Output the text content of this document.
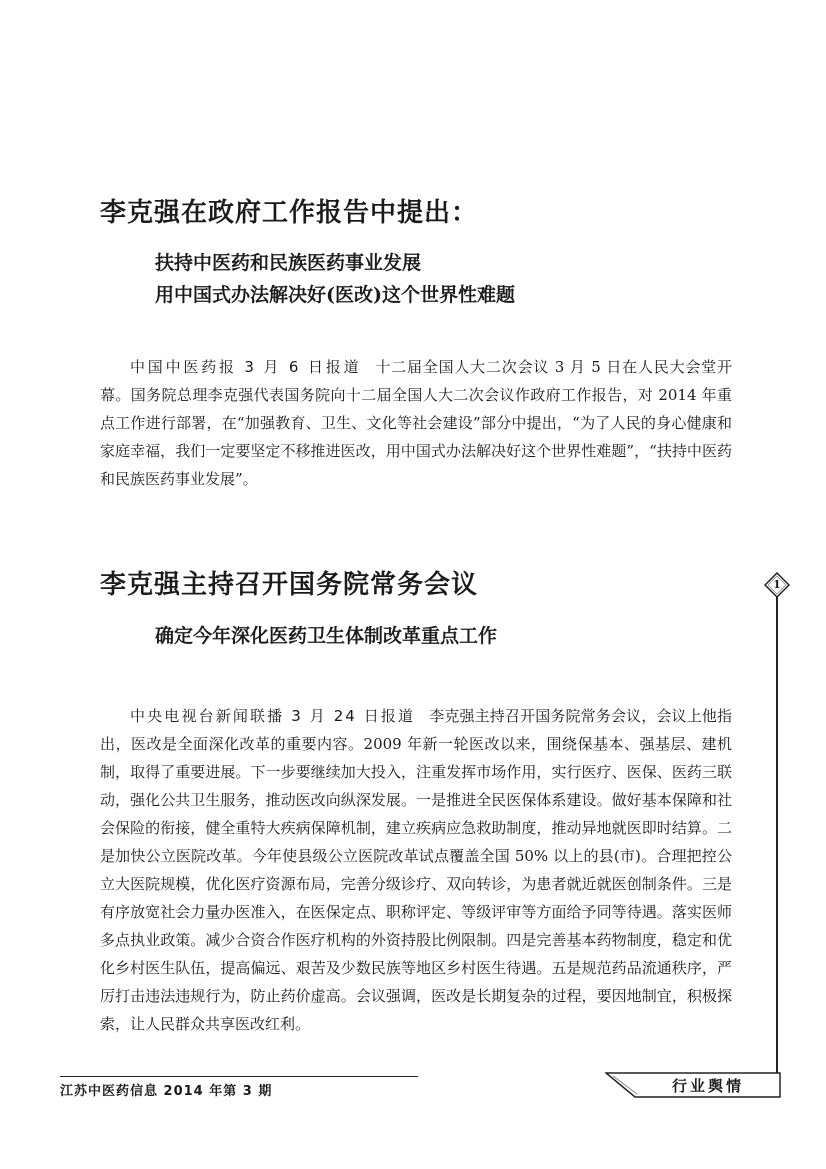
李克强在政府工作报告中提出：
扶持中医药和民族医药事业发展
用中国式办法解决好(医改)这个世界性难题

中国中医药报 3 月 6 日报道 十二届全国人大二次会议 3 月 5 日在人民大会堂开幕。国务院总理李克强代表国务院向十二届全国人大二次会议作政府工作报告，对 2014 年重点工作进行部署，在“加强教育、卫生、文化等社会建设”部分中提出，“为了人民的身心健康和家庭幸福，我们一定要坚定不移推进医改，用中国式办法解决好这个世界性难题”，“扶持中医药和民族医药事业发展”。

李克强主持召开国务院常务会议
确定今年深化医药卫生体制改革重点工作

中央电视台新闻联播 3 月 24 日报道 李克强主持召开国务院常务会议，会议上他指出，医改是全面深化改革的重要内容。2009 年新一轮医改以来，围绕保基本、强基层、建机制，取得了重要进展。下一步要继续加大投入，注重发挥市场作用，实行医疗、医保、医药三联动，强化公共卫生服务，推动医改向纵深发展。一是推进全民医保体系建设。做好基本保障和社会保险的衔接，健全重特大疾病保障机制，建立疾病应急救助制度，推动异地就医即时结算。二是加快公立医院改革。今年使县级公立医院改革试点覆盖全国 50% 以上的县(市)。合理把控公立大医院规模，优化医疗资源布局，完善分级诊疗、双向转诊，为患者就近就医创制条件。三是有序放宽社会力量办医准入，在医保定点、职称评定、等级评审等方面给予同等待遇。落实医师多点执业政策。减少合资合作医疗机构的外资持股比例限制。四是完善基本药物制度，稳定和优化乡村医生队伍，提高偏远、艰苦及少数民族等地区乡村医生待遇。五是规范药品流通秩序，严厉打击违法违规行为，防止药价虚高。会议强调，医改是长期复杂的过程，要因地制宜，积极探索，让人民群众共享医改红利。

1
江苏中医药信息 2014 年第 3 期	行业舆情
